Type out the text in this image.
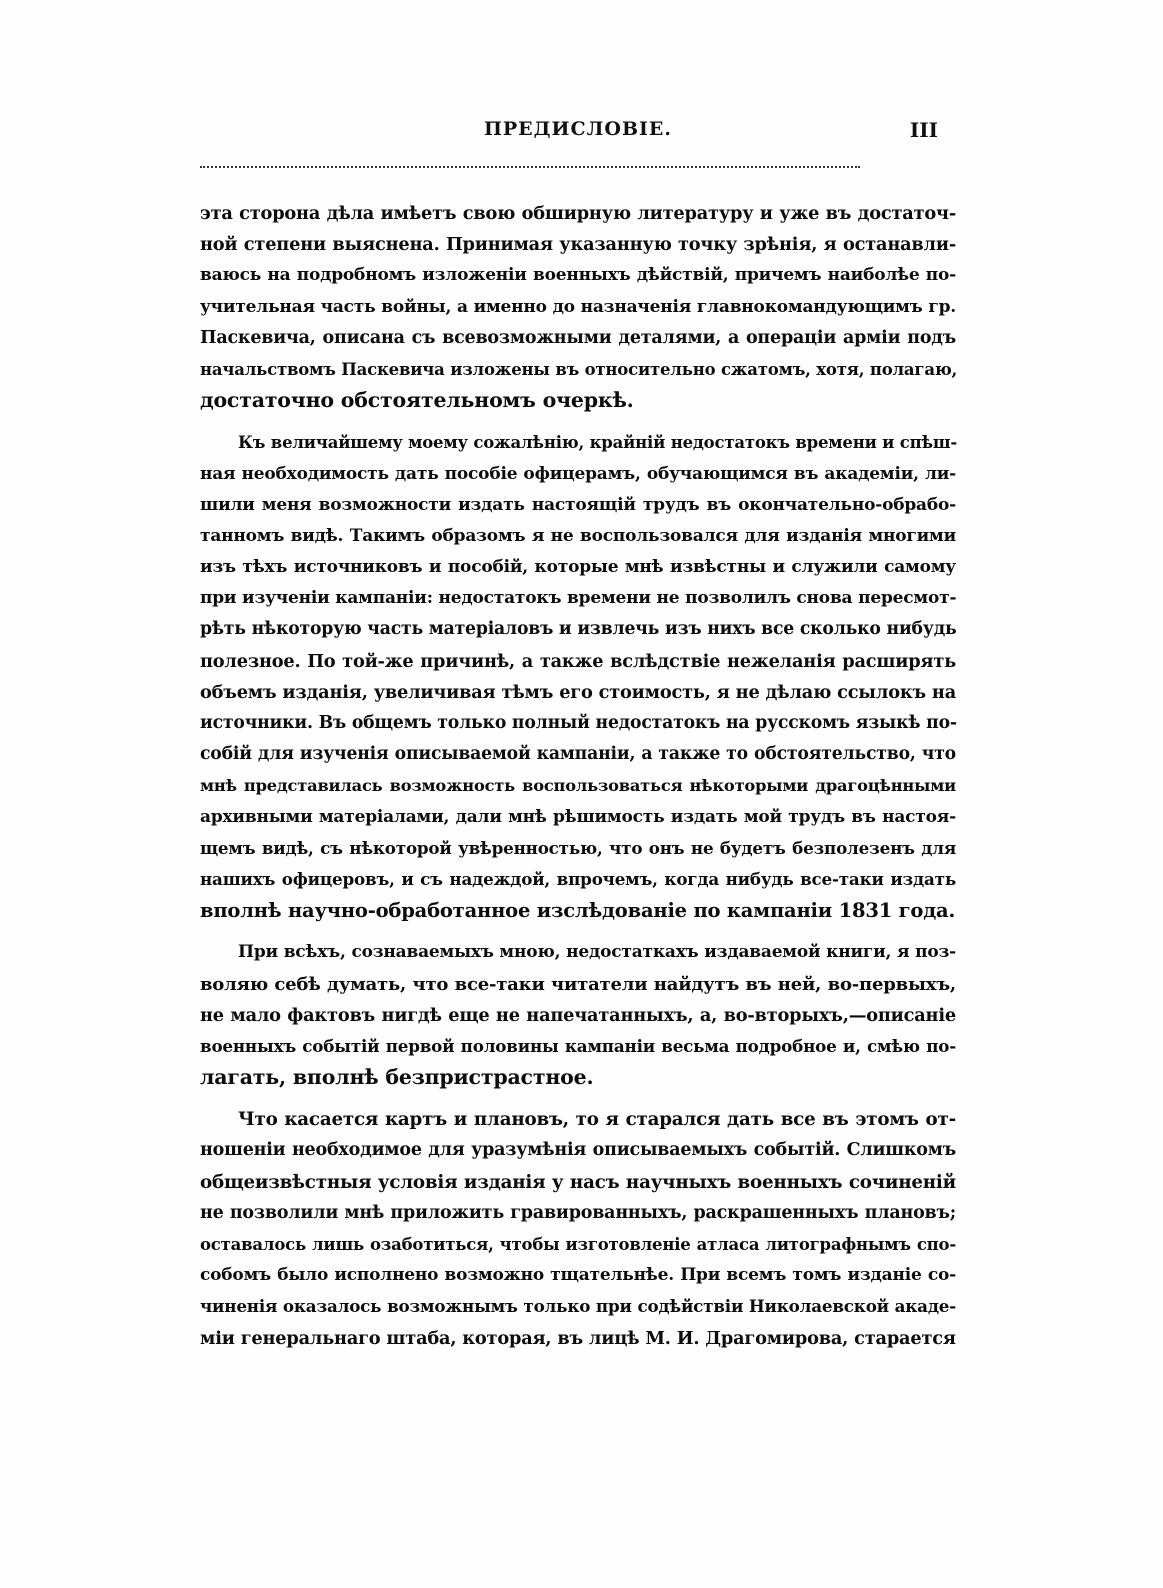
ПРЕДИСЛОВІЕ.	III
эта сторона дѣла имѣетъ свою обширную литературу и уже въ достаточ-
ной степени выяснена. Принимая указанную точку зрѣнія, я останавли-
ваюсь на подробномъ изложеніи военныхъ дѣйствій, причемъ наиболѣе по-
учительная часть войны, а именно до назначенія главнокомандующимъ гр.
Паскевича, описана съ всевозможными деталями, а операціи арміи подъ
начальствомъ Паскевича изложены въ относительно сжатомъ, хотя, полагаю,
достаточно обстоятельномъ очеркѣ.
Къ величайшему моему сожалѣнію, крайній недостатокъ времени и спѣш-
ная необходимость дать пособіе офицерамъ, обучающимся въ академіи, ли-
шили меня возможности издать настоящій трудъ въ окончательно-обрабо-
танномъ видѣ. Такимъ образомъ я не воспользовался для изданія многими
изъ тѣхъ источниковъ и пособій, которые мнѣ извѣстны и служили самому
при изученіи кампаніи: недостатокъ времени не позволилъ снова пересмот-
рѣть нѣкоторую часть матеріаловъ и извлечь изъ нихъ все сколько нибудь
полезное. По той-же причинѣ, а также вслѣдствіе нежеланія расширять
объемъ изданія, увеличивая тѣмъ его стоимость, я не дѣлаю ссылокъ на
источники. Въ общемъ только полный недостатокъ на русскомъ языкѣ по-
собій для изученія описываемой кампаніи, а также то обстоятельство, что
мнѣ представилась возможность воспользоваться нѣкоторыми драгоцѣнными
архивными матеріалами, дали мнѣ рѣшимость издать мой трудъ въ настоя-
щемъ видѣ, съ нѣкоторой увѣренностью, что онъ не будетъ безполезенъ для
нашихъ офицеровъ, и съ надеждой, впрочемъ, когда нибудь все-таки издать
вполнѣ научно-обработанное изслѣдованіе по кампаніи 1831 года.
При всѣхъ, сознаваемыхъ мною, недостаткахъ издаваемой книги, я поз-
воляю себѣ думать, что все-таки читатели найдутъ въ ней, во-первыхъ,
не мало фактовъ нигдѣ еще не напечатанныхъ, а, во-вторыхъ,—описаніе
военныхъ событій первой половины кампаніи весьма подробное и, смѣю по-
лагать, вполнѣ безпристрастное.
Что касается картъ и плановъ, то я старался дать все въ этомъ от-
ношеніи необходимое для уразумѣнія описываемыхъ событій. Слишкомъ
общеизвѣстныя условія изданія у насъ научныхъ военныхъ сочиненій
не позволили мнѣ приложить гравированныхъ, раскрашенныхъ плановъ;
оставалось лишь озаботиться, чтобы изготовленіе атласа литографнымъ спо-
собомъ было исполнено возможно тщательнѣе. При всемъ томъ изданіе со-
чиненія оказалось возможнымъ только при содѣйствіи Николаевской акаде-
міи генеральнаго штаба, которая, въ лицѣ М. И. Драгомирова, старается
